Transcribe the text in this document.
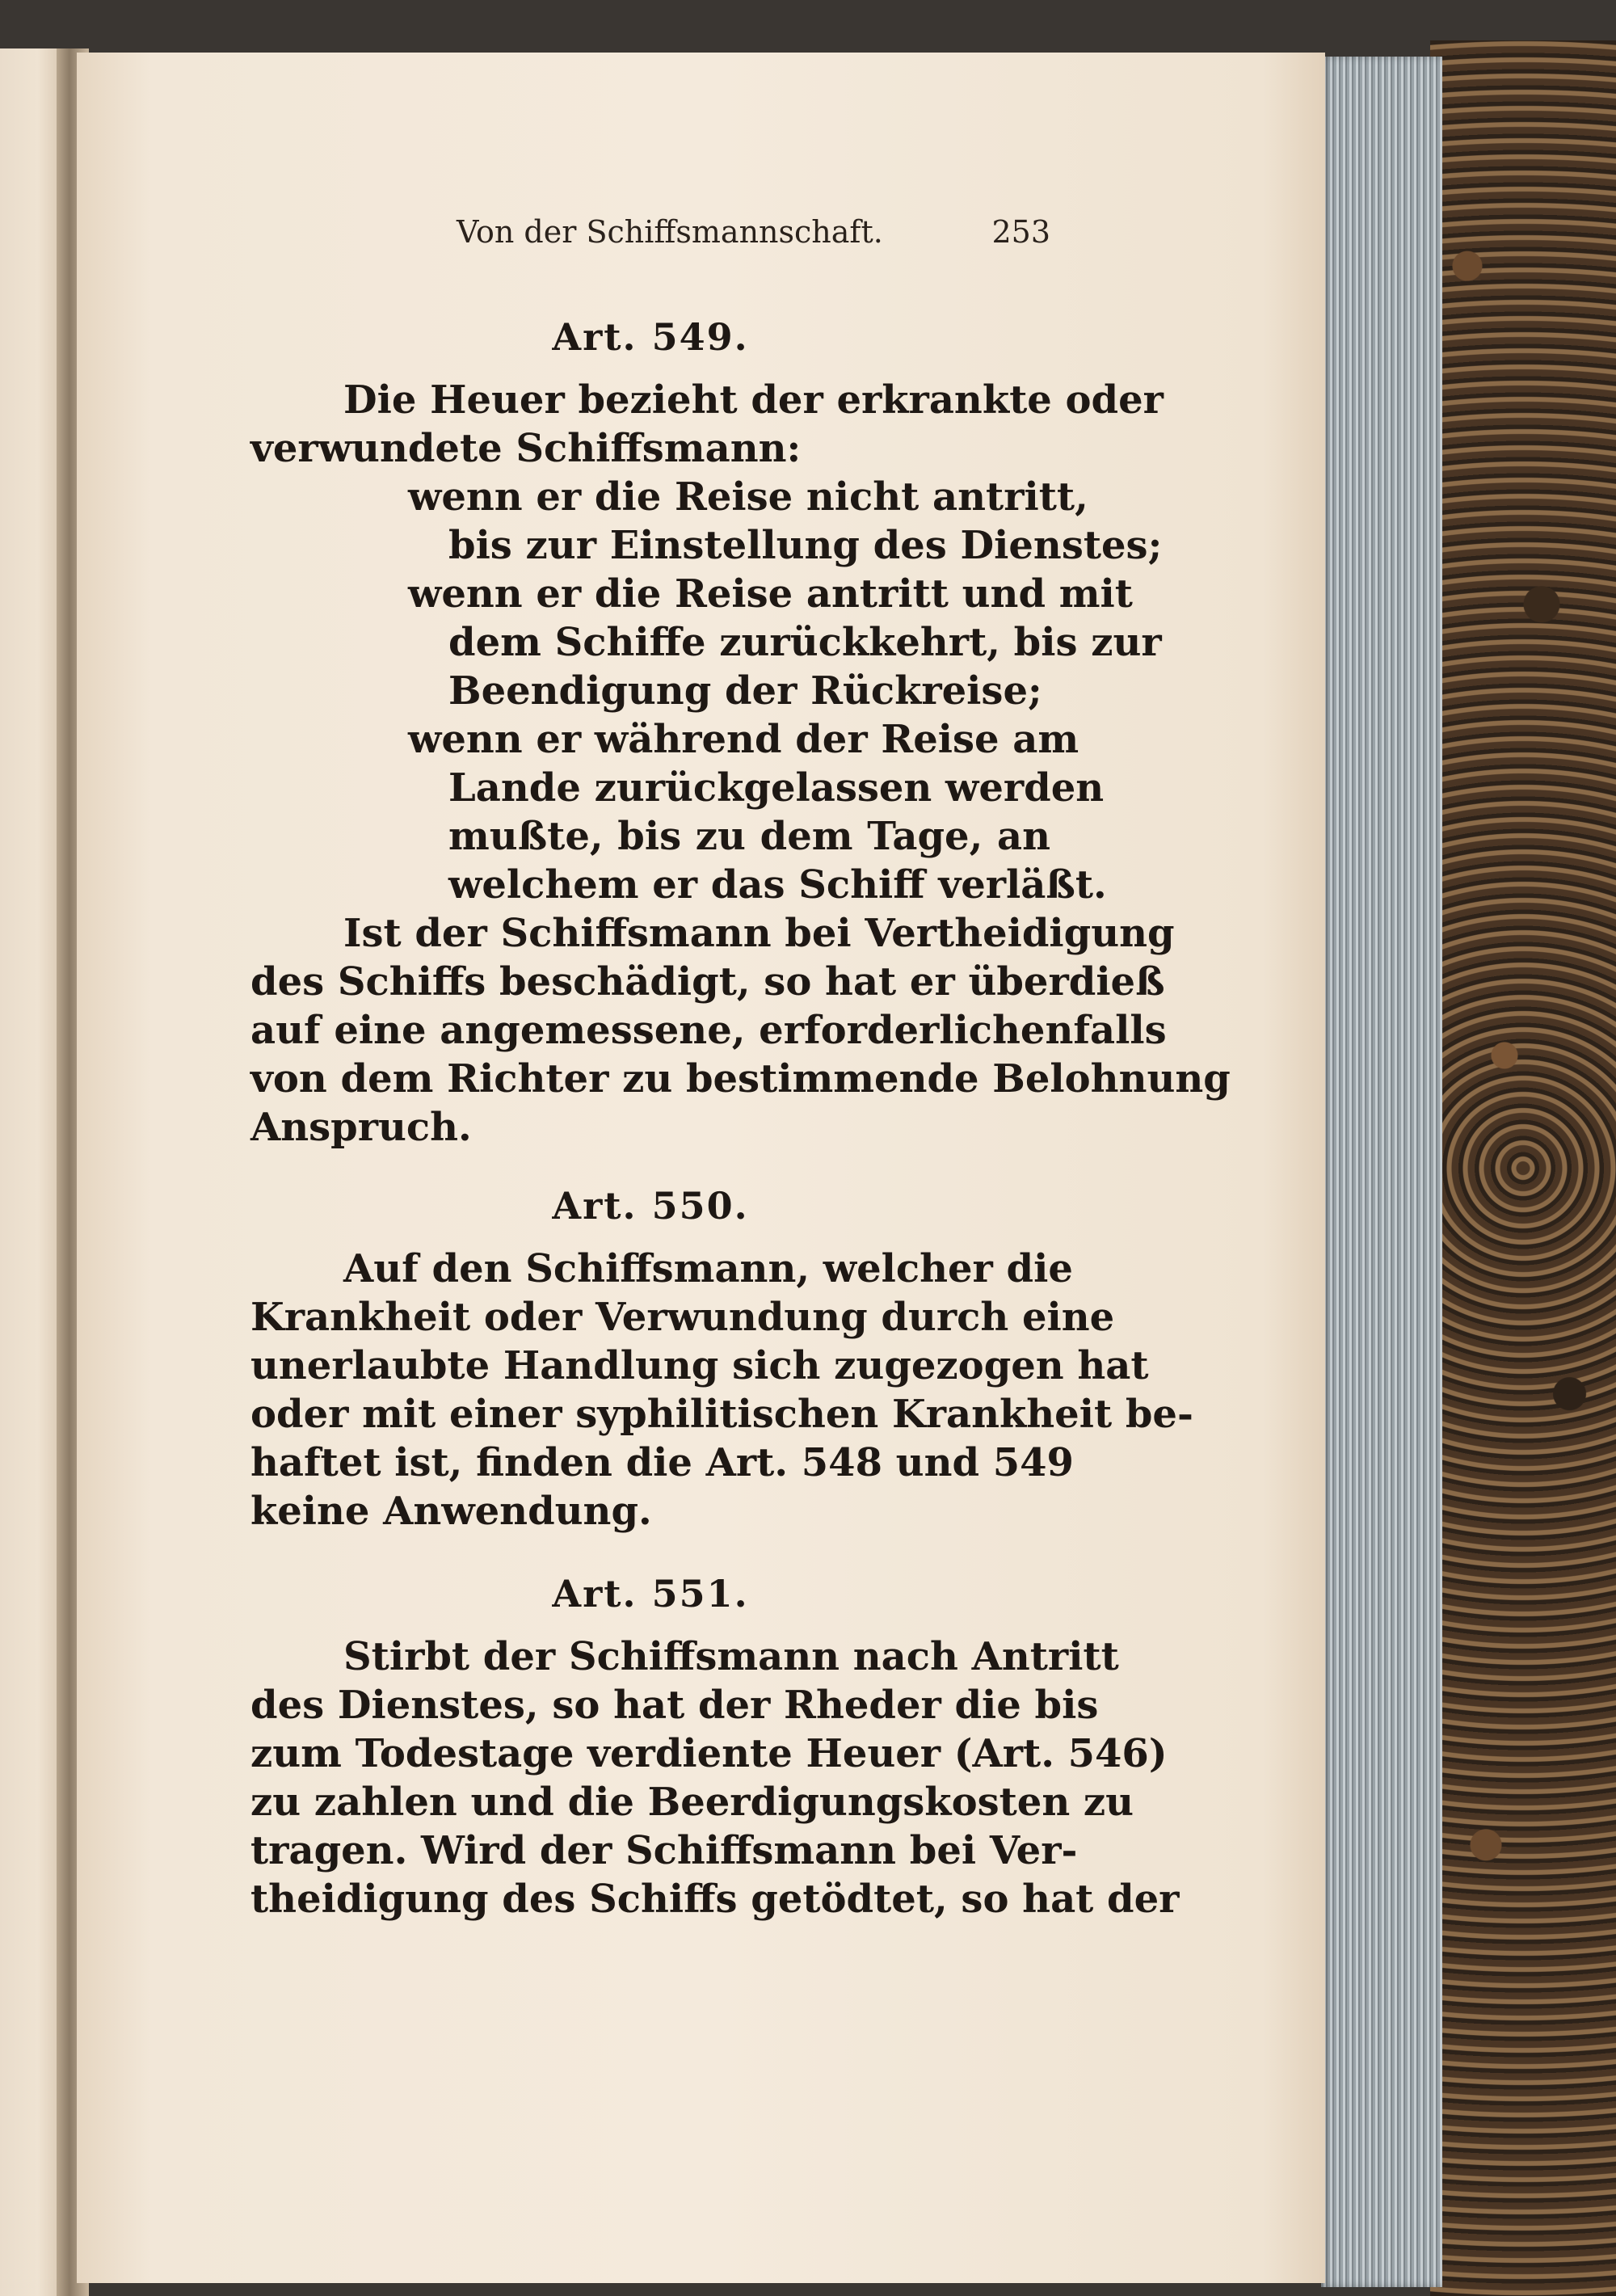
Von der Schiffsmannschaft.	253
Art. 549.
Die Heuer bezieht der erkrankte oder
verwundete Schiffsmann:
wenn er die Reise nicht antritt,
bis zur Einstellung des Dienstes;
wenn er die Reise antritt und mit
dem Schiffe zurückkehrt, bis zur
Beendigung der Rückreise;
wenn er während der Reise am
Lande zurückgelassen werden
mußte, bis zu dem Tage, an
welchem er das Schiff verläßt.
Ist der Schiffsmann bei Vertheidigung
des Schiffs beschädigt, so hat er überdieß
auf eine angemessene, erforderlichenfalls
von dem Richter zu bestimmende Belohnung
Anspruch.
Art. 550.
Auf den Schiffsmann, welcher die
Krankheit oder Verwundung durch eine
unerlaubte Handlung sich zugezogen hat
oder mit einer syphilitischen Krankheit be-
haftet ist, finden die Art. 548 und 549
keine Anwendung.
Art. 551.
Stirbt der Schiffsmann nach Antritt
des Dienstes, so hat der Rheder die bis
zum Todestage verdiente Heuer (Art. 546)
zu zahlen und die Beerdigungskosten zu
tragen. Wird der Schiffsmann bei Ver-
theidigung des Schiffs getödtet, so hat der
